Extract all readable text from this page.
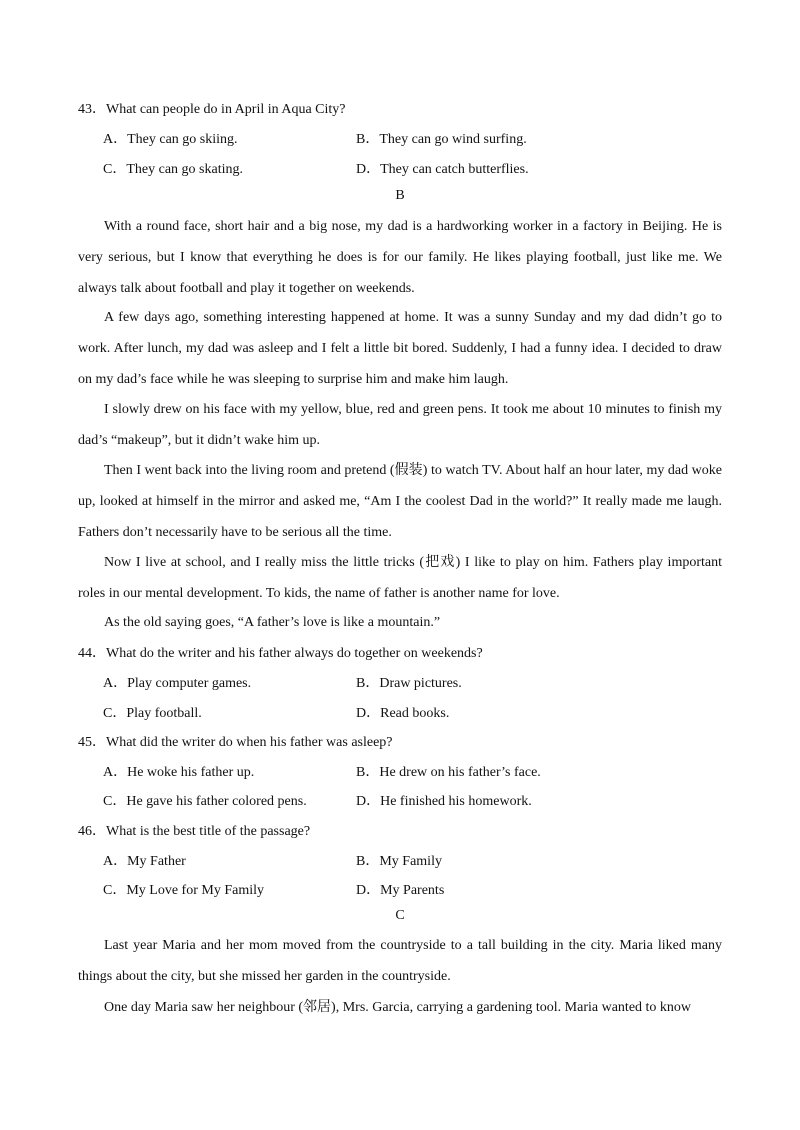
43．What can people do in April in Aqua City?
A．They can go skiing.	B．They can go wind surfing.
C．They can go skating.	D．They can catch butterflies.
B
With a round face, short hair and a big nose, my dad is a hardworking worker in a factory in Beijing. He is very serious, but I know that everything he does is for our family. He likes playing football, just like me. We always talk about football and play it together on weekends.
A few days ago, something interesting happened at home. It was a sunny Sunday and my dad didn’t go to work. After lunch, my dad was asleep and I felt a little bit bored. Suddenly, I had a funny idea. I decided to draw on my dad’s face while he was sleeping to surprise him and make him laugh.
I slowly drew on his face with my yellow, blue, red and green pens. It took me about 10 minutes to finish my dad’s “makeup”, but it didn’t wake him up.
Then I went back into the living room and pretend (假装) to watch TV. About half an hour later, my dad woke up, looked at himself in the mirror and asked me, “Am I the coolest Dad in the world?” It really made me laugh. Fathers don’t necessarily have to be serious all the time.
Now I live at school, and I really miss the little tricks (把戏) I like to play on him. Fathers play important roles in our mental development. To kids, the name of father is another name for love.
As the old saying goes, “A father’s love is like a mountain.”
44．What do the writer and his father always do together on weekends?
A．Play computer games.	B．Draw pictures.
C．Play football.	D．Read books.
45．What did the writer do when his father was asleep?
A．He woke his father up.	B．He drew on his father’s face.
C．He gave his father colored pens.	D．He finished his homework.
46．What is the best title of the passage?
A．My Father	B．My Family
C．My Love for My Family	D．My Parents
C
Last year Maria and her mom moved from the countryside to a tall building in the city. Maria liked many things about the city, but she missed her garden in the countryside.
One day Maria saw her neighbour (邻居), Mrs. Garcia, carrying a gardening tool. Maria wanted to know
